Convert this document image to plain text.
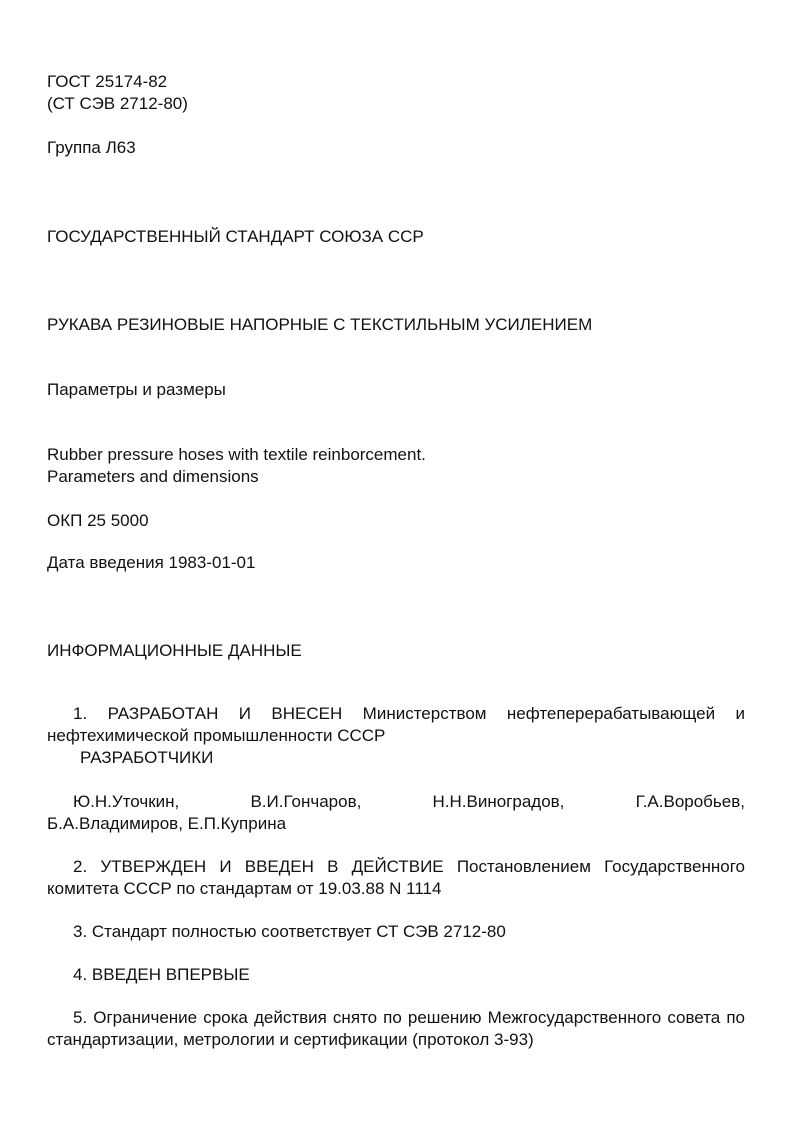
ГОСТ 25174-82
(СТ СЭВ 2712-80)
Группа Л63
ГОСУДАРСТВЕННЫЙ СТАНДАРТ СОЮЗА ССР
РУКАВА РЕЗИНОВЫЕ НАПОРНЫЕ С ТЕКСТИЛЬНЫМ УСИЛЕНИЕМ
Параметры и размеры
Rubber pressure hoses with textile reinborcement.
Parameters and dimensions
ОКП 25 5000
Дата введения 1983-01-01
ИНФОРМАЦИОННЫЕ ДАННЫЕ
1. РАЗРАБОТАН И ВНЕСЕН Министерством нефтеперерабатывающей и нефтехимической промышленности СССР
РАЗРАБОТЧИКИ
Ю.Н.Уточкин,	В.И.Гончаров,	Н.Н.Виноградов,	Г.А.Воробьев,
Б.А.Владимиров, Е.П.Куприна
2. УТВЕРЖДЕН И ВВЕДЕН В ДЕЙСТВИЕ Постановлением Государственного комитета СССР по стандартам от 19.03.88 N 1114
3. Стандарт полностью соответствует СТ СЭВ 2712-80
4. ВВЕДЕН ВПЕРВЫЕ
5. Ограничение срока действия снято по решению Межгосударственного совета по стандартизации, метрологии и сертификации (протокол 3-93)
